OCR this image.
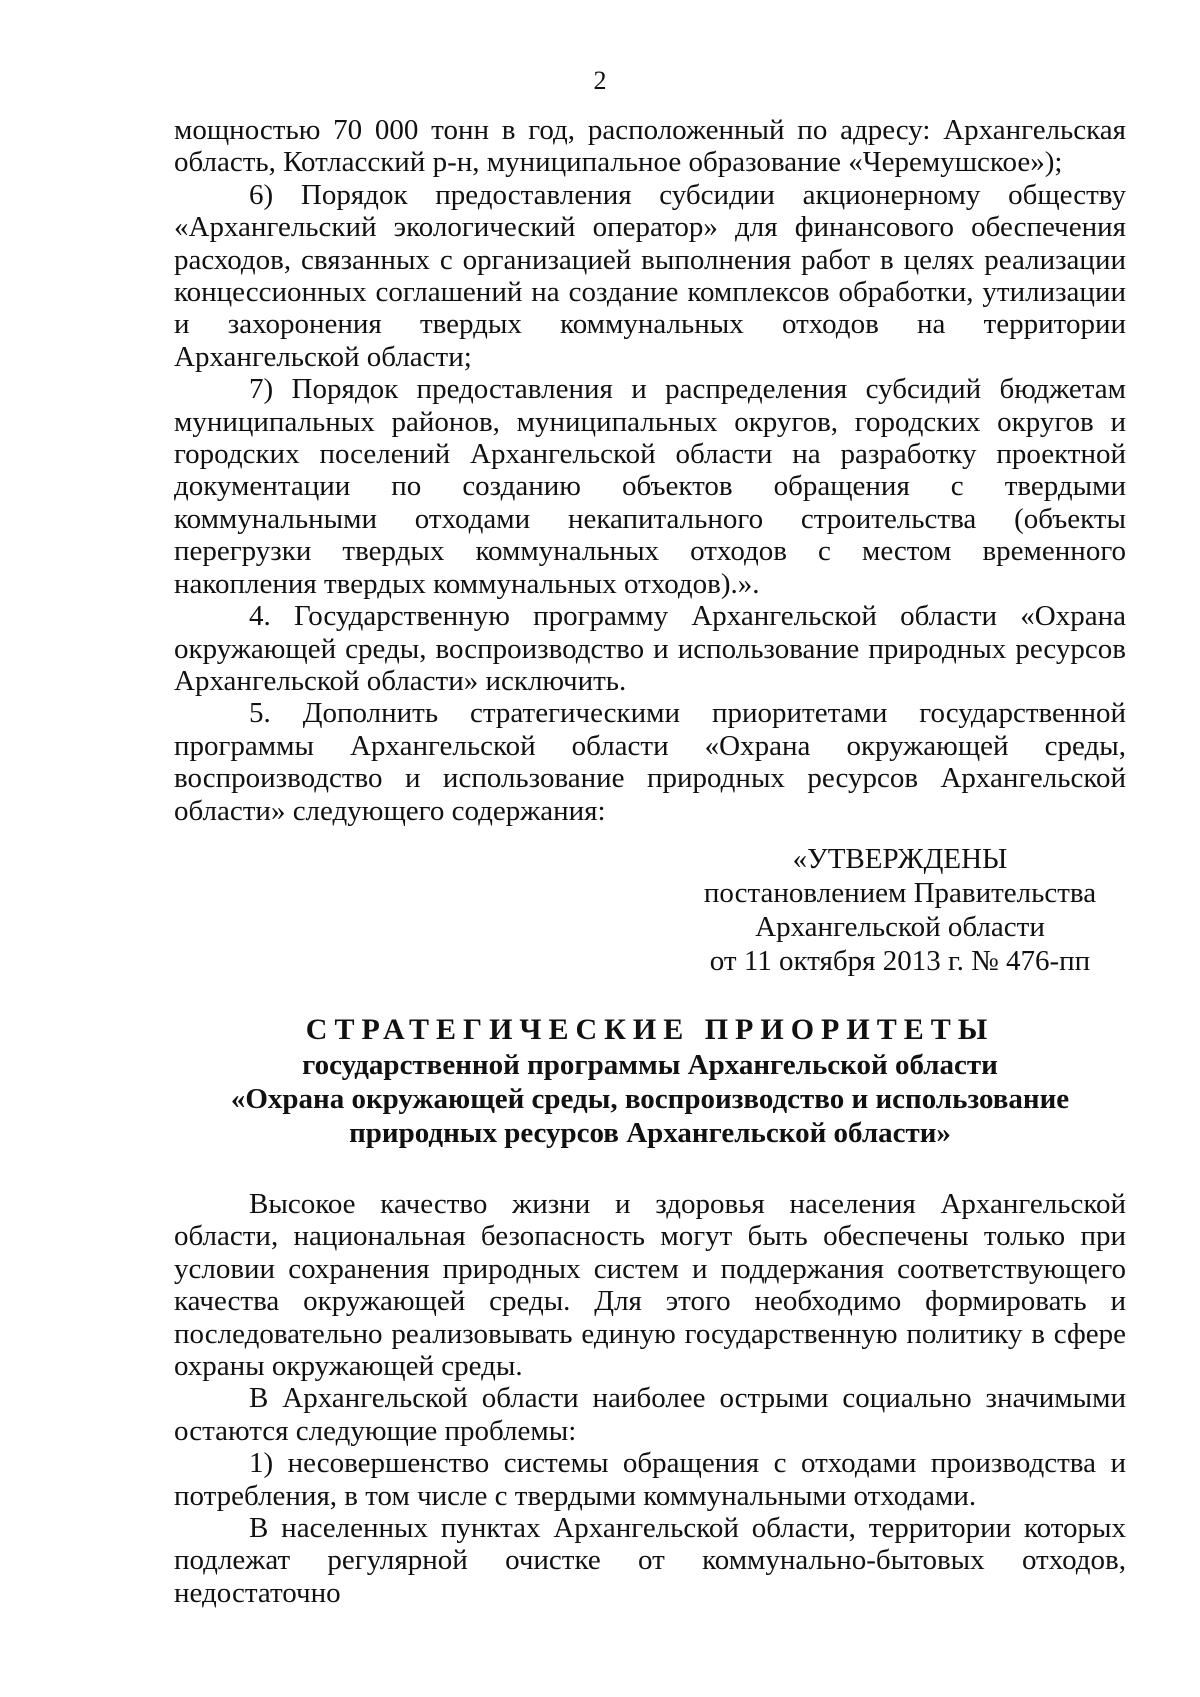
2

мощностью 70 000 тонн в год, расположенный по адресу: Архангельская область, Котласский р-н, муниципальное образование «Черемушское»);

6) Порядок предоставления субсидии акционерному обществу «Архангельский экологический оператор» для финансового обеспечения расходов, связанных с организацией выполнения работ в целях реализации концессионных соглашений на создание комплексов обработки, утилизации и захоронения твердых коммунальных отходов на территории Архангельской области;

7) Порядок предоставления и распределения субсидий бюджетам муниципальных районов, муниципальных округов, городских округов и городских поселений Архангельской области на разработку проектной документации по созданию объектов обращения с твердыми коммунальными отходами некапитального строительства (объекты перегрузки твердых коммунальных отходов с местом временного накопления твердых коммунальных отходов).».

4. Государственную программу Архангельской области «Охрана окружающей среды, воспроизводство и использование природных ресурсов Архангельской области» исключить.

5. Дополнить стратегическими приоритетами государственной программы Архангельской области «Охрана окружающей среды, воспроизводство и использование природных ресурсов Архангельской области» следующего содержания:

«УТВЕРЖДЕНЫ
постановлением Правительства
Архангельской области
от 11 октября 2013 г. № 476-пп
СТРАТЕГИЧЕСКИЕ ПРИОРИТЕТЫ
государственной программы Архангельской области
«Охрана окружающей среды, воспроизводство и использование
природных ресурсов Архангельской области»

Высокое качество жизни и здоровья населения Архангельской области, национальная безопасность могут быть обеспечены только при условии сохранения природных систем и поддержания соответствующего качества окружающей среды. Для этого необходимо формировать и последовательно реализовывать единую государственную политику в сфере охраны окружающей среды.

В Архангельской области наиболее острыми социально значимыми остаются следующие проблемы:

1) несовершенство системы обращения с отходами производства и потребления, в том числе с твердыми коммунальными отходами.

В населенных пунктах Архангельской области, территории которых подлежат регулярной очистке от коммунально-бытовых отходов, недостаточно
